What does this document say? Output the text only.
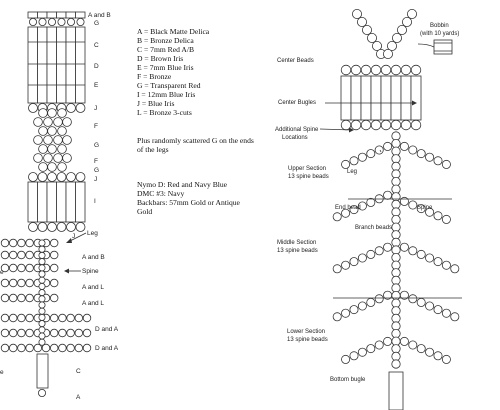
A and B
G
C
D
E
J
F
G
F
G
J
I
J Leg
A and B
Spine
A and L
A and L
D and A
D and A
C
A
e
e
A = Black Matte Delica
B = Bronze Delica
C = 7mm Red A/B
D = Brown Iris
E = 7mm Blue Iris
F = Bronze
G = Transparent Red
I = 12mm Blue Iris
J = Blue Iris
L = Bronze 3-cuts
Plus randomly scattered G on the ends
of the legs
Nymo D: Red and Navy Blue
DMC #3: Navy
Backbars: 57mm Gold or Antique
Gold
Bobbin
(with 10 yards)
Center Beads
Center Bugles
Additional Spine
Locations
Leg
Upper Section
13 spine beads
End bead	Spine
Branch beads
Middle Section
13 spine beads
Lower Section
13 spine beads
Bottom bugle
